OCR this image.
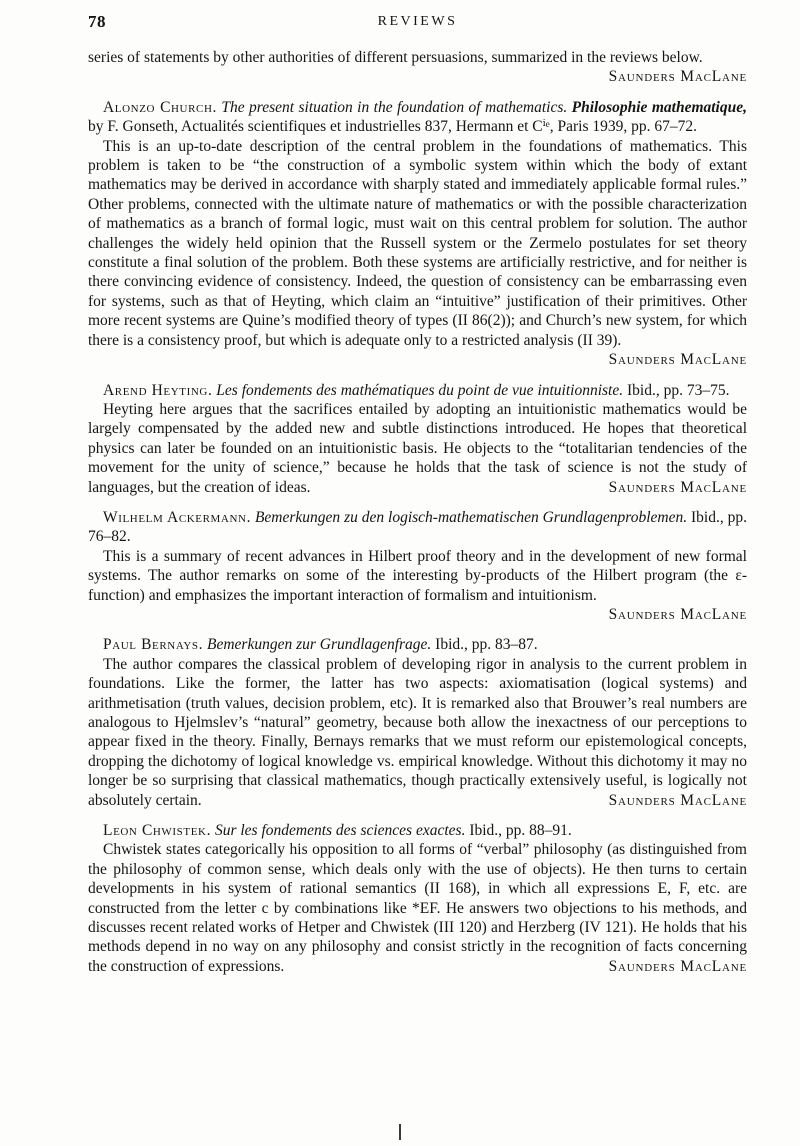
78	REVIEWS

series of statements by other authorities of different persuasions, summarized in the reviews below.
Saunders MacLane

Alonzo Church. The present situation in the foundation of mathematics. Philosophie mathematique, by F. Gonseth, Actualités scientifiques et industrielles 837, Hermann et Cⁱᵉ, Paris 1939, pp. 67–72.

This is an up-to-date description of the central problem in the foundations of mathematics. This problem is taken to be “the construction of a symbolic system within which the body of extant mathematics may be derived in accordance with sharply stated and immediately applicable formal rules.” Other problems, connected with the ultimate nature of mathematics or with the possible characterization of mathematics as a branch of formal logic, must wait on this central problem for solution. The author challenges the widely held opinion that the Russell system or the Zermelo postulates for set theory constitute a final solution of the problem. Both these systems are artificially restrictive, and for neither is there convincing evidence of consistency. Indeed, the question of consistency can be embarrassing even for systems, such as that of Heyting, which claim an “intuitive” justification of their primitives. Other more recent systems are Quine’s modified theory of types (II 86(2)); and Church’s new system, for which there is a consistency proof, but which is adequate only to a restricted analysis (II 39).
Saunders MacLane

Arend Heyting. Les fondements des mathématiques du point de vue intuitionniste. Ibid., pp. 73–75.

Heyting here argues that the sacrifices entailed by adopting an intuitionistic mathematics would be largely compensated by the added new and subtle distinctions introduced. He hopes that theoretical physics can later be founded on an intuitionistic basis. He objects to the “totalitarian tendencies of the movement for the unity of science,” because he holds that the task of science is not the study of languages, but the creation of ideas.	Saunders MacLane

Wilhelm Ackermann. Bemerkungen zu den logisch-mathematischen Grundlagenproblemen. Ibid., pp. 76–82.

This is a summary of recent advances in Hilbert proof theory and in the development of new formal systems. The author remarks on some of the interesting by-products of the Hilbert program (the ε-function) and emphasizes the important interaction of formalism and intuitionism.
Saunders MacLane

Paul Bernays. Bemerkungen zur Grundlagenfrage. Ibid., pp. 83–87.

The author compares the classical problem of developing rigor in analysis to the current problem in foundations. Like the former, the latter has two aspects: axiomatisation (logical systems) and arithmetisation (truth values, decision problem, etc). It is remarked also that Brouwer’s real numbers are analogous to Hjelmslev’s “natural” geometry, because both allow the inexactness of our perceptions to appear fixed in the theory. Finally, Bernays remarks that we must reform our epistemological concepts, dropping the dichotomy of logical knowledge vs. empirical knowledge. Without this dichotomy it may no longer be so surprising that classical mathematics, though practically extensively useful, is logically not absolutely certain.	Saunders MacLane

Leon Chwistek. Sur les fondements des sciences exactes. Ibid., pp. 88–91.

Chwistek states categorically his opposition to all forms of “verbal” philosophy (as distinguished from the philosophy of common sense, which deals only with the use of objects). He then turns to certain developments in his system of rational semantics (II 168), in which all expressions E, F, etc. are constructed from the letter c by combinations like *EF. He answers two objections to his methods, and discusses recent related works of Hetper and Chwistek (III 120) and Herzberg (IV 121). He holds that his methods depend in no way on any philosophy and consist strictly in the recognition of facts concerning the construction of expressions.	Saunders MacLane
